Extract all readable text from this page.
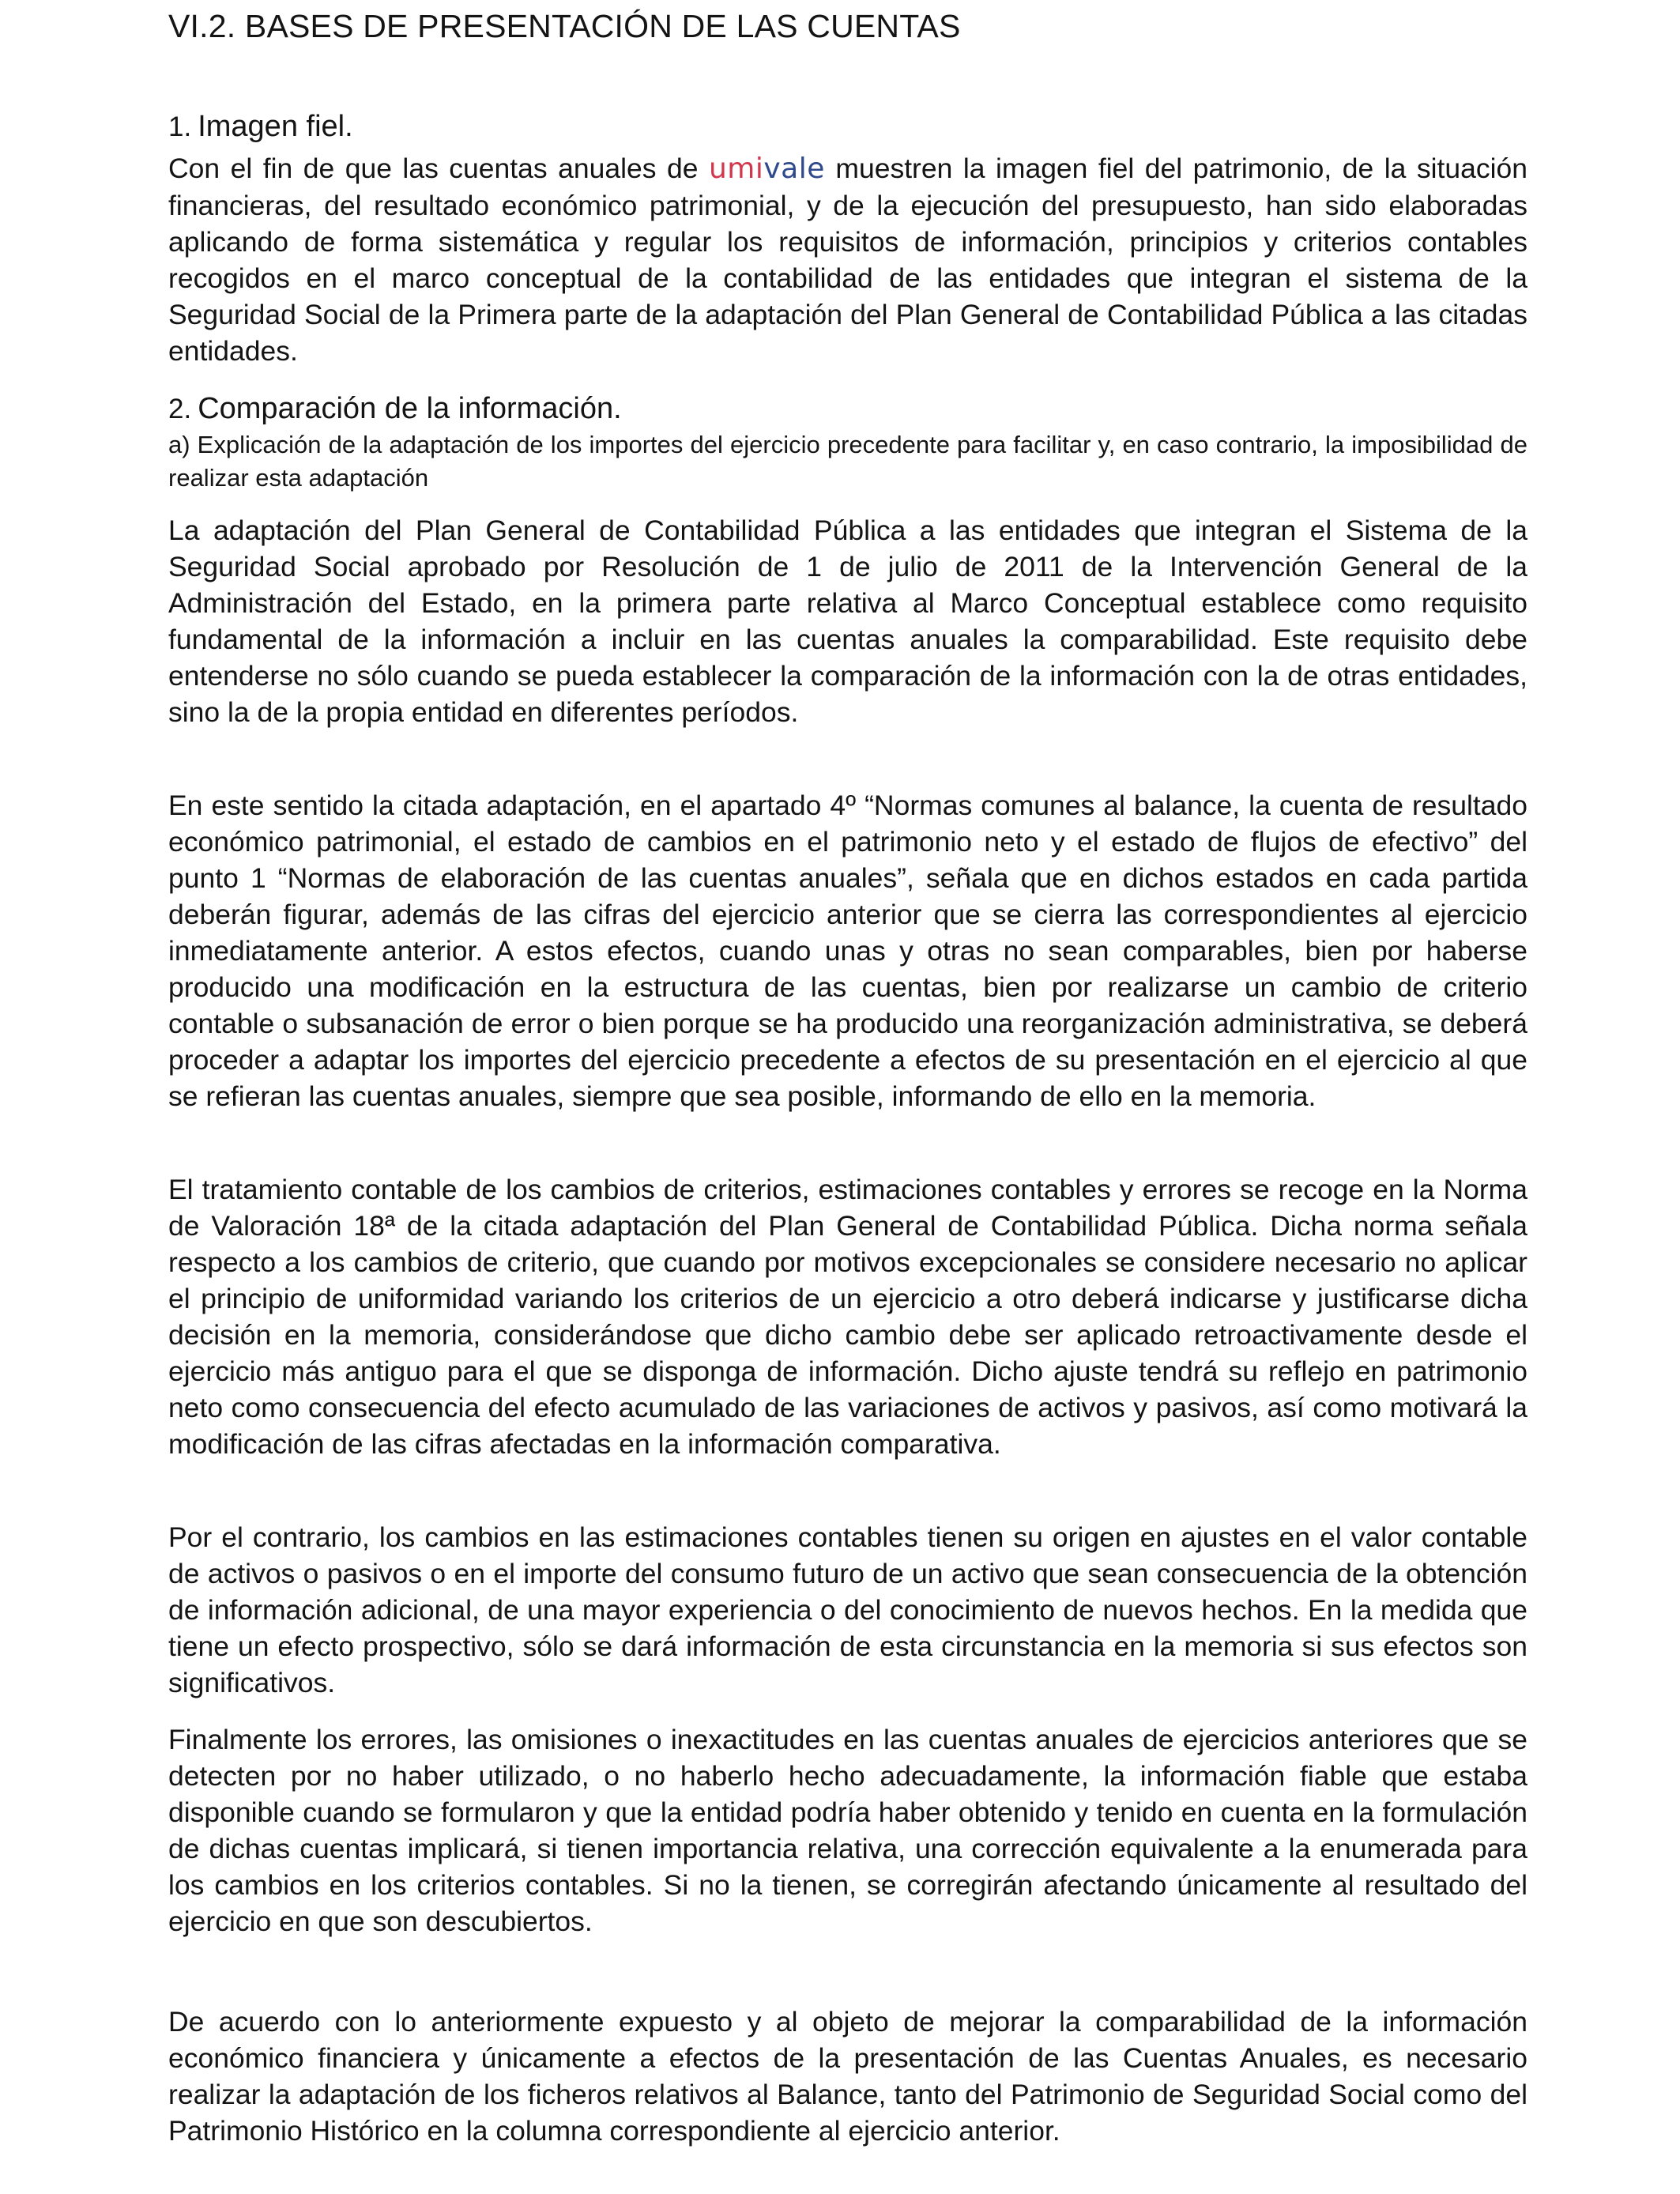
VI.2. BASES DE PRESENTACIÓN DE LAS CUENTAS
1. Imagen fiel.

Con el fin de que las cuentas anuales de umivale muestren la imagen fiel del patrimonio, de la situación financieras, del resultado económico patrimonial, y de la ejecución del presupuesto, han sido elaboradas aplicando de forma sistemática y regular los requisitos de información, principios y criterios contables recogidos en el marco conceptual de la contabilidad de las entidades que integran el sistema de la Seguridad Social de la Primera parte de la adaptación del Plan General de Contabilidad Pública a las citadas entidades.

2. Comparación de la información.

a) Explicación de la adaptación de los importes del ejercicio precedente para facilitar y, en caso contrario, la imposibilidad de realizar esta adaptación

La adaptación del Plan General de Contabilidad Pública a las entidades que integran el Sistema de la Seguridad Social aprobado por Resolución de 1 de julio de 2011 de la Intervención General de la Administración del Estado, en la primera parte relativa al Marco Conceptual establece como requisito fundamental de la información a incluir en las cuentas anuales la comparabilidad. Este requisito debe entenderse no sólo cuando se pueda establecer la comparación de la información con la de otras entidades, sino la de la propia entidad en diferentes períodos.

En este sentido la citada adaptación, en el apartado 4º “Normas comunes al balance, la cuenta de resultado económico patrimonial, el estado de cambios en el patrimonio neto y el estado de flujos de efectivo” del punto 1 “Normas de elaboración de las cuentas anuales”, señala que en dichos estados en cada partida deberán figurar, además de las cifras del ejercicio anterior que se cierra las correspondientes al ejercicio inmediatamente anterior. A estos efectos, cuando unas y otras no sean comparables, bien por haberse producido una modificación en la estructura de las cuentas, bien por realizarse un cambio de criterio contable o subsanación de error o bien porque se ha producido una reorganización administrativa, se deberá proceder a adaptar los importes del ejercicio precedente a efectos de su presentación en el ejercicio al que se refieran las cuentas anuales, siempre que sea posible, informando de ello en la memoria.

El tratamiento contable de los cambios de criterios, estimaciones contables y errores se recoge en la Norma de Valoración 18ª de la citada adaptación del Plan General de Contabilidad Pública. Dicha norma señala respecto a los cambios de criterio, que cuando por motivos excepcionales se considere necesario no aplicar el principio de uniformidad variando los criterios de un ejercicio a otro deberá indicarse y justificarse dicha decisión en la memoria, considerándose que dicho cambio debe ser aplicado retroactivamente desde el ejercicio más antiguo para el que se disponga de información. Dicho ajuste tendrá su reflejo en patrimonio neto como consecuencia del efecto acumulado de las variaciones de activos y pasivos, así como motivará la modificación de las cifras afectadas en la información comparativa.

Por el contrario, los cambios en las estimaciones contables tienen su origen en ajustes en el valor contable de activos o pasivos o en el importe del consumo futuro de un activo que sean consecuencia de la obtención de información adicional, de una mayor experiencia o del conocimiento de nuevos hechos. En la medida que tiene un efecto prospectivo, sólo se dará información de esta circunstancia en la memoria si sus efectos son significativos.

Finalmente los errores, las omisiones o inexactitudes en las cuentas anuales de ejercicios anteriores que se detecten por no haber utilizado, o no haberlo hecho adecuadamente, la información fiable que estaba disponible cuando se formularon y que la entidad podría haber obtenido y tenido en cuenta en la formulación de dichas cuentas implicará, si tienen importancia relativa, una corrección equivalente a la enumerada para los cambios en los criterios contables. Si no la tienen, se corregirán afectando únicamente al resultado del ejercicio en que son descubiertos.

De acuerdo con lo anteriormente expuesto y al objeto de mejorar la comparabilidad de la información económico financiera y únicamente a efectos de la presentación de las Cuentas Anuales, es necesario realizar la adaptación de los ficheros relativos al Balance, tanto del Patrimonio de Seguridad Social como del Patrimonio Histórico en la columna correspondiente al ejercicio anterior.
